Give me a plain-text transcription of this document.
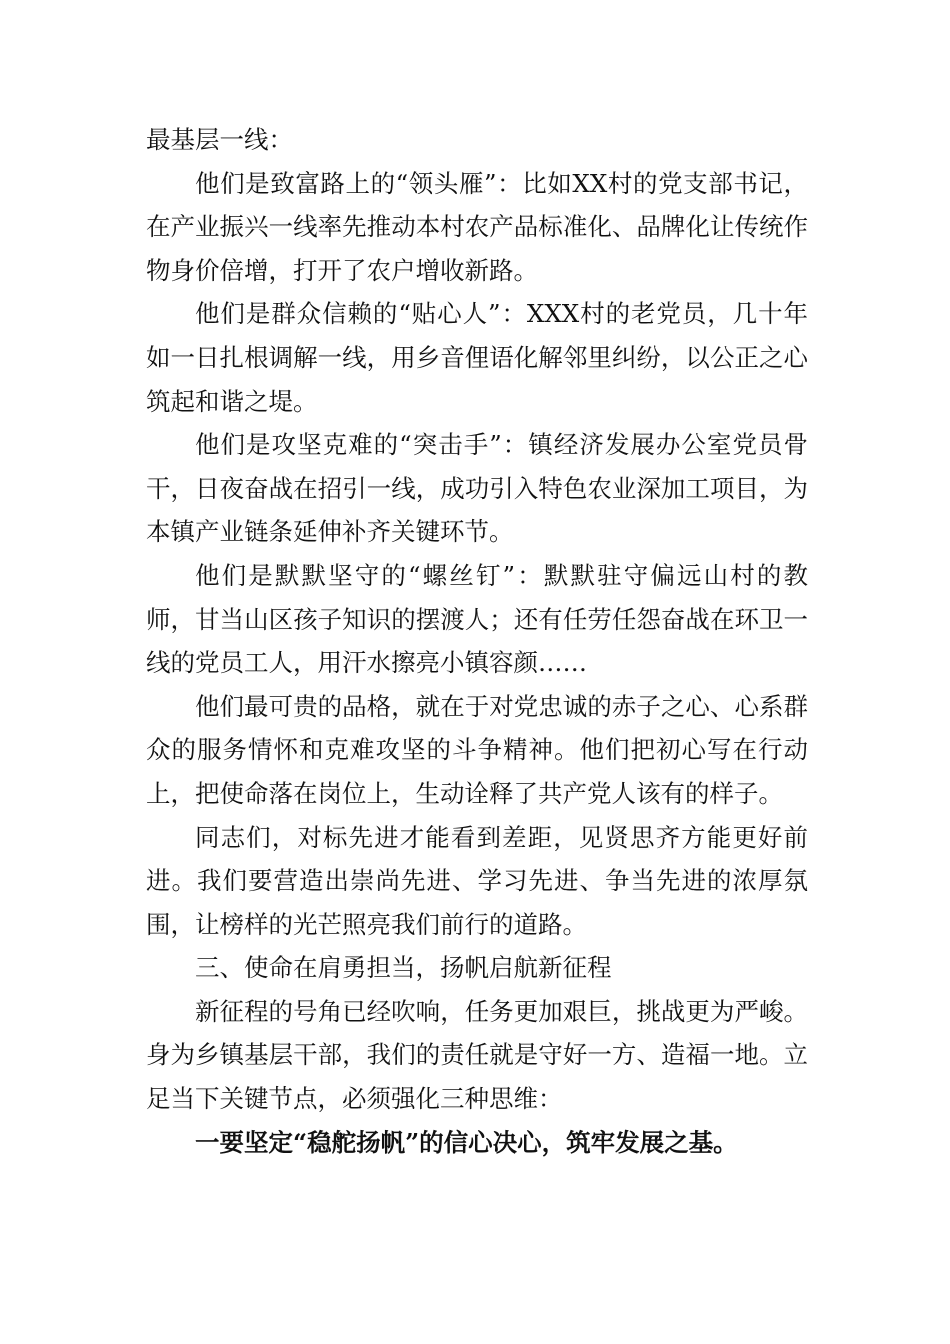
最基层一线：

他们是致富路上的“领头雁”：比如XX村的党支部书记，在产业振兴一线率先推动本村农产品标准化、品牌化让传统作物身价倍增，打开了农户增收新路。

他们是群众信赖的“贴心人”：XXX村的老党员，几十年如一日扎根调解一线，用乡音俚语化解邻里纠纷，以公正之心筑起和谐之堤。

他们是攻坚克难的“突击手”：镇经济发展办公室党员骨干，日夜奋战在招引一线，成功引入特色农业深加工项目，为本镇产业链条延伸补齐关键环节。

他们是默默坚守的“螺丝钉”：默默驻守偏远山村的教师，甘当山区孩子知识的摆渡人；还有任劳任怨奋战在环卫一线的党员工人，用汗水擦亮小镇容颜……

他们最可贵的品格，就在于对党忠诚的赤子之心、心系群众的服务情怀和克难攻坚的斗争精神。他们把初心写在行动上，把使命落在岗位上，生动诠释了共产党人该有的样子。

同志们，对标先进才能看到差距，见贤思齐方能更好前进。我们要营造出崇尚先进、学习先进、争当先进的浓厚氛围，让榜样的光芒照亮我们前行的道路。

三、使命在肩勇担当，扬帆启航新征程

新征程的号角已经吹响，任务更加艰巨，挑战更为严峻。身为乡镇基层干部，我们的责任就是守好一方、造福一地。立足当下关键节点，必须强化三种思维：

一要坚定“稳舵扬帆”的信心决心，筑牢发展之基。
